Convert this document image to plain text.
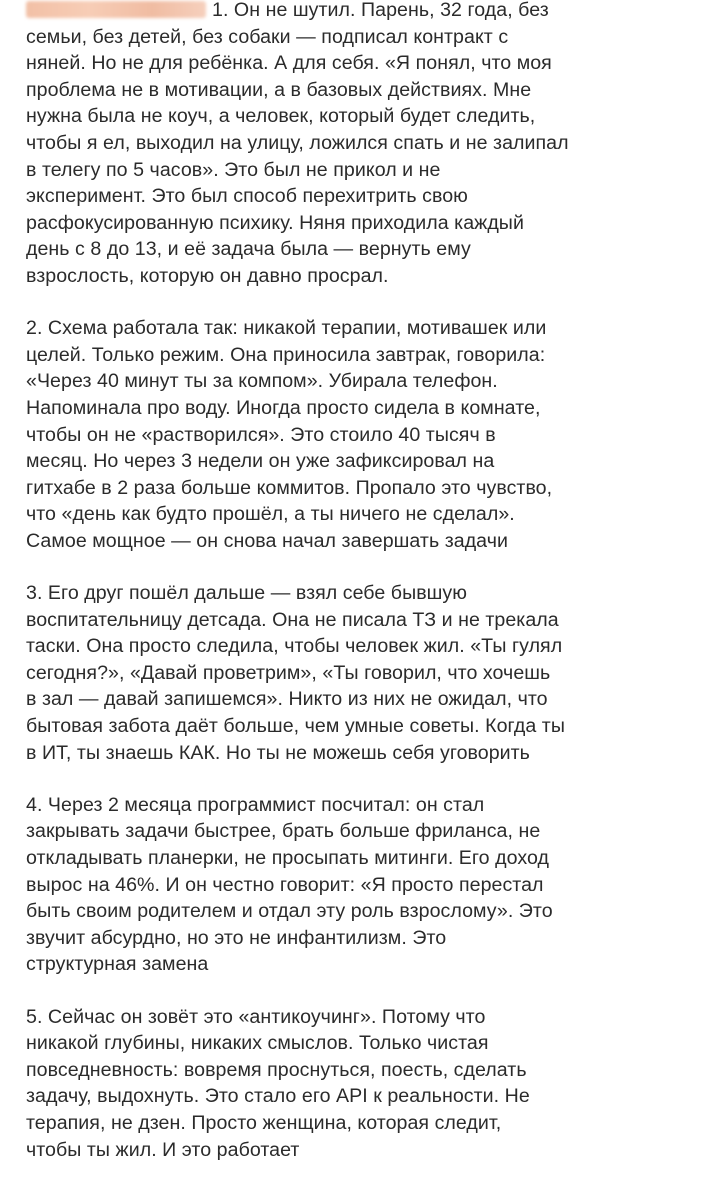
1. Он не шутил. Парень, 32 года, без
семьи, без детей, без собаки — подписал контракт с
няней. Но не для ребёнка. А для себя. «Я понял, что моя
проблема не в мотивации, а в базовых действиях. Мне
нужна была не коуч, а человек, который будет следить,
чтобы я ел, выходил на улицу, ложился спать и не залипал
в телегу по 5 часов». Это был не прикол и не
эксперимент. Это был способ перехитрить свою
расфокусированную психику. Няня приходила каждый
день с 8 до 13, и её задача была — вернуть ему
взрослость, которую он давно просрал.

2. Схема работала так: никакой терапии, мотивашек или
целей. Только режим. Она приносила завтрак, говорила:
«Через 40 минут ты за компом». Убирала телефон.
Напоминала про воду. Иногда просто сидела в комнате,
чтобы он не «растворился». Это стоило 40 тысяч в
месяц. Но через 3 недели он уже зафиксировал на
гитхабе в 2 раза больше коммитов. Пропало это чувство,
что «день как будто прошёл, а ты ничего не сделал».
Самое мощное — он снова начал завершать задачи

3. Его друг пошёл дальше — взял себе бывшую
воспитательницу детсада. Она не писала ТЗ и не трекала
таски. Она просто следила, чтобы человек жил. «Ты гулял
сегодня?», «Давай проветрим», «Ты говорил, что хочешь
в зал — давай запишемся». Никто из них не ожидал, что
бытовая забота даёт больше, чем умные советы. Когда ты
в ИТ, ты знаешь КАК. Но ты не можешь себя уговорить

4. Через 2 месяца программист посчитал: он стал
закрывать задачи быстрее, брать больше фриланса, не
откладывать планерки, не просыпать митинги. Его доход
вырос на 46%. И он честно говорит: «Я просто перестал
быть своим родителем и отдал эту роль взрослому». Это
звучит абсурдно, но это не инфантилизм. Это
структурная замена

5. Сейчас он зовёт это «антикоучинг». Потому что
никакой глубины, никаких смыслов. Только чистая
повседневность: вовремя проснуться, поесть, сделать
задачу, выдохнуть. Это стало его API к реальности. Не
терапия, не дзен. Просто женщина, которая следит,
чтобы ты жил. И это работает
